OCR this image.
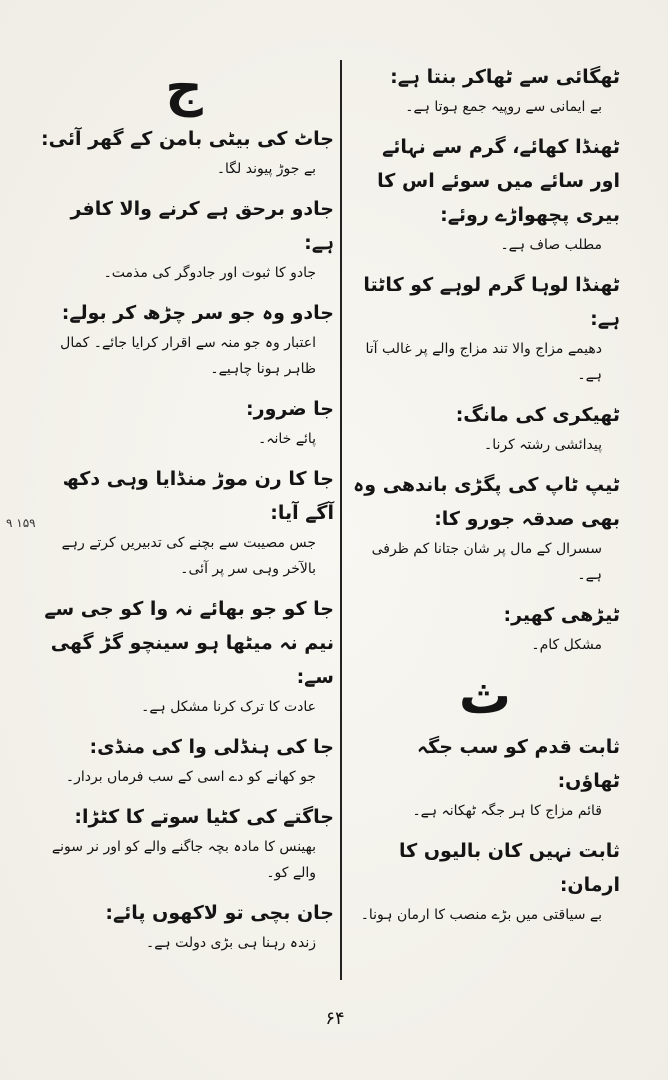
۱۵۹ ۹
ٹھگائی سے ٹھاکر بنتا ہے:
بے ایمانی سے روپیہ جمع ہوتا ہے۔
ٹھنڈا کھائے، گرم سے نہائے اور سائے میں سوئے اس کا بیری پچھواڑے روئے:
مطلب صاف ہے۔
ٹھنڈا لوہا گرم لوہے کو کاٹتا ہے:
دھیمے مزاج والا تند مزاج والے پر غالب آتا ہے۔
ٹھیکری کی مانگ:
پیدائشی رشتہ کرنا۔
ٹیپ ٹاپ کی پگڑی باندھی وہ بھی صدقہ جورو کا:
سسرال کے مال پر شان جتانا کم ظرفی ہے۔
ٹیڑھی کھیر:
مشکل کام۔
ث
ثابت قدم کو سب جگہ ٹھاؤں:
قائم مزاج کا ہر جگہ ٹھکانہ ہے۔
ثابت نہیں کان بالیوں کا ارمان:
بے سیاقتی میں بڑے منصب کا ارمان ہونا۔
ج
جاٹ کی بیٹی بامن کے گھر آئی:
بے جوڑ پیوند لگا۔
جادو برحق ہے کرنے والا کافر ہے:
جادو کا ثبوت اور جادوگر کی مذمت۔
جادو وہ جو سر چڑھ کر بولے:
اعتبار وہ جو منہ سے اقرار کرایا جائے۔ کمال ظاہر ہونا چاہیے۔
جا ضرور:
پائے خانہ۔
جا کا رن موڑ منڈایا وہی دکھ آگے آیا:
جس مصیبت سے بچنے کی تدبیریں کرتے رہے بالآخر وہی سر پر آئی۔
جا کو جو بھائے نہ وا کو جی سے نیم نہ میٹھا ہو سینچو گڑ گھی سے:
عادت کا ترک کرنا مشکل ہے۔
جا کی ہنڈلی وا کی منڈی:
جو کھانے کو دے اسی کے سب فرماں بردار۔
جاگتے کی کٹیا سوتے کا کٹڑا:
بھینس کا مادہ بچہ جاگنے والے کو اور نر سونے والے کو۔
جان بچی تو لاکھوں پائے:
زندہ رہنا ہی بڑی دولت ہے۔
۶۴
